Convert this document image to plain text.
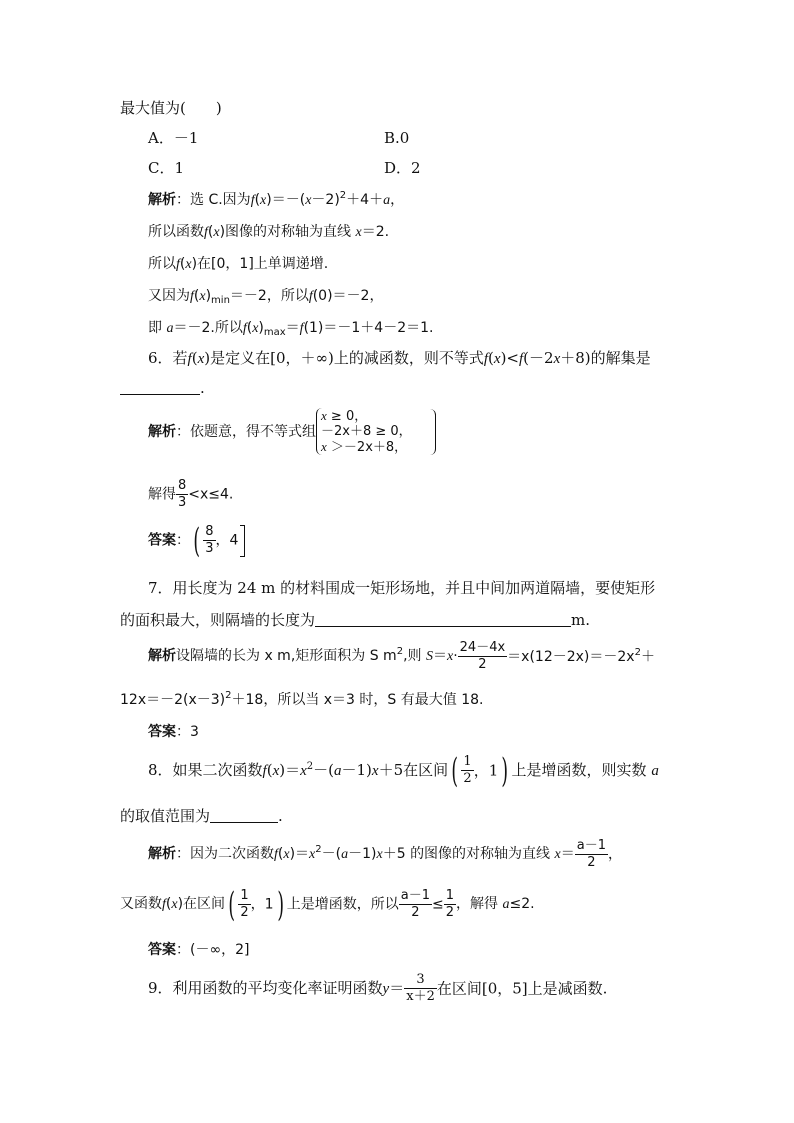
最大值为(　　)
A．－1	B.0
C．1	D．2
解析：选 C.因为$f(x)=-(x-2)^2+4+a$，
所以函数f(x)图像的对称轴为直线 x＝2.
所以f(x)在[0，1]上单调递增.
又因为$f(x)_{min}=-2$，所以f(0)＝－2，
即 a＝－2.所以$f(x)_{max}=f(1)=-1+4-2=1$.
6．若f(x)是定义在[0，＋∞)上的减函数，则不等式f(x)<f(－2x＋8)的解集是
.
解析：依题意，得不等式组x ≥ 0，
－2x＋8 ≥ 0，
x ＞－2x＋8，
解得 $\frac{8}{3} <x\le 4$.
答案：( $\frac{8}{3}$ ，4
7．用长度为 24 m 的材料围成一矩形场地，并且中间加两道隔墙，要使矩形
的面积最大，则隔墙的长度为	m.
解析设隔墙的长为 x m,矩形面积为 S $m^2$,则 $S=x\cdot \frac{24-4x}{2} =x(12-2x)=-2x^2+$
$12x=-2(x-3)^2+18$，所以当 x＝3 时，S 有最大值 18.
答案：3
8．如果二次函数$f(x)=x^2-(a-1)x+5$在区间( $\frac{1}{2}$ ，1) 上是增函数，则实数 a
的取值范围为	.
解析：因为二次函数$f(x)=x^2-(a-1)x+5$ 的图像的对称轴为直线 $x= \frac{a-1}{2}$ ，
又函数f(x)在区间( $\frac{1}{2}$ ，1) 上是增函数，所以 $\frac{a-1}{2} \le \frac{1}{2}$ ，解得 a≤2.
答案：(－∞，2]
9．利用函数的平均变化率证明函数$y= \frac{3}{x+2}$ 在区间[0，5]上是减函数.
